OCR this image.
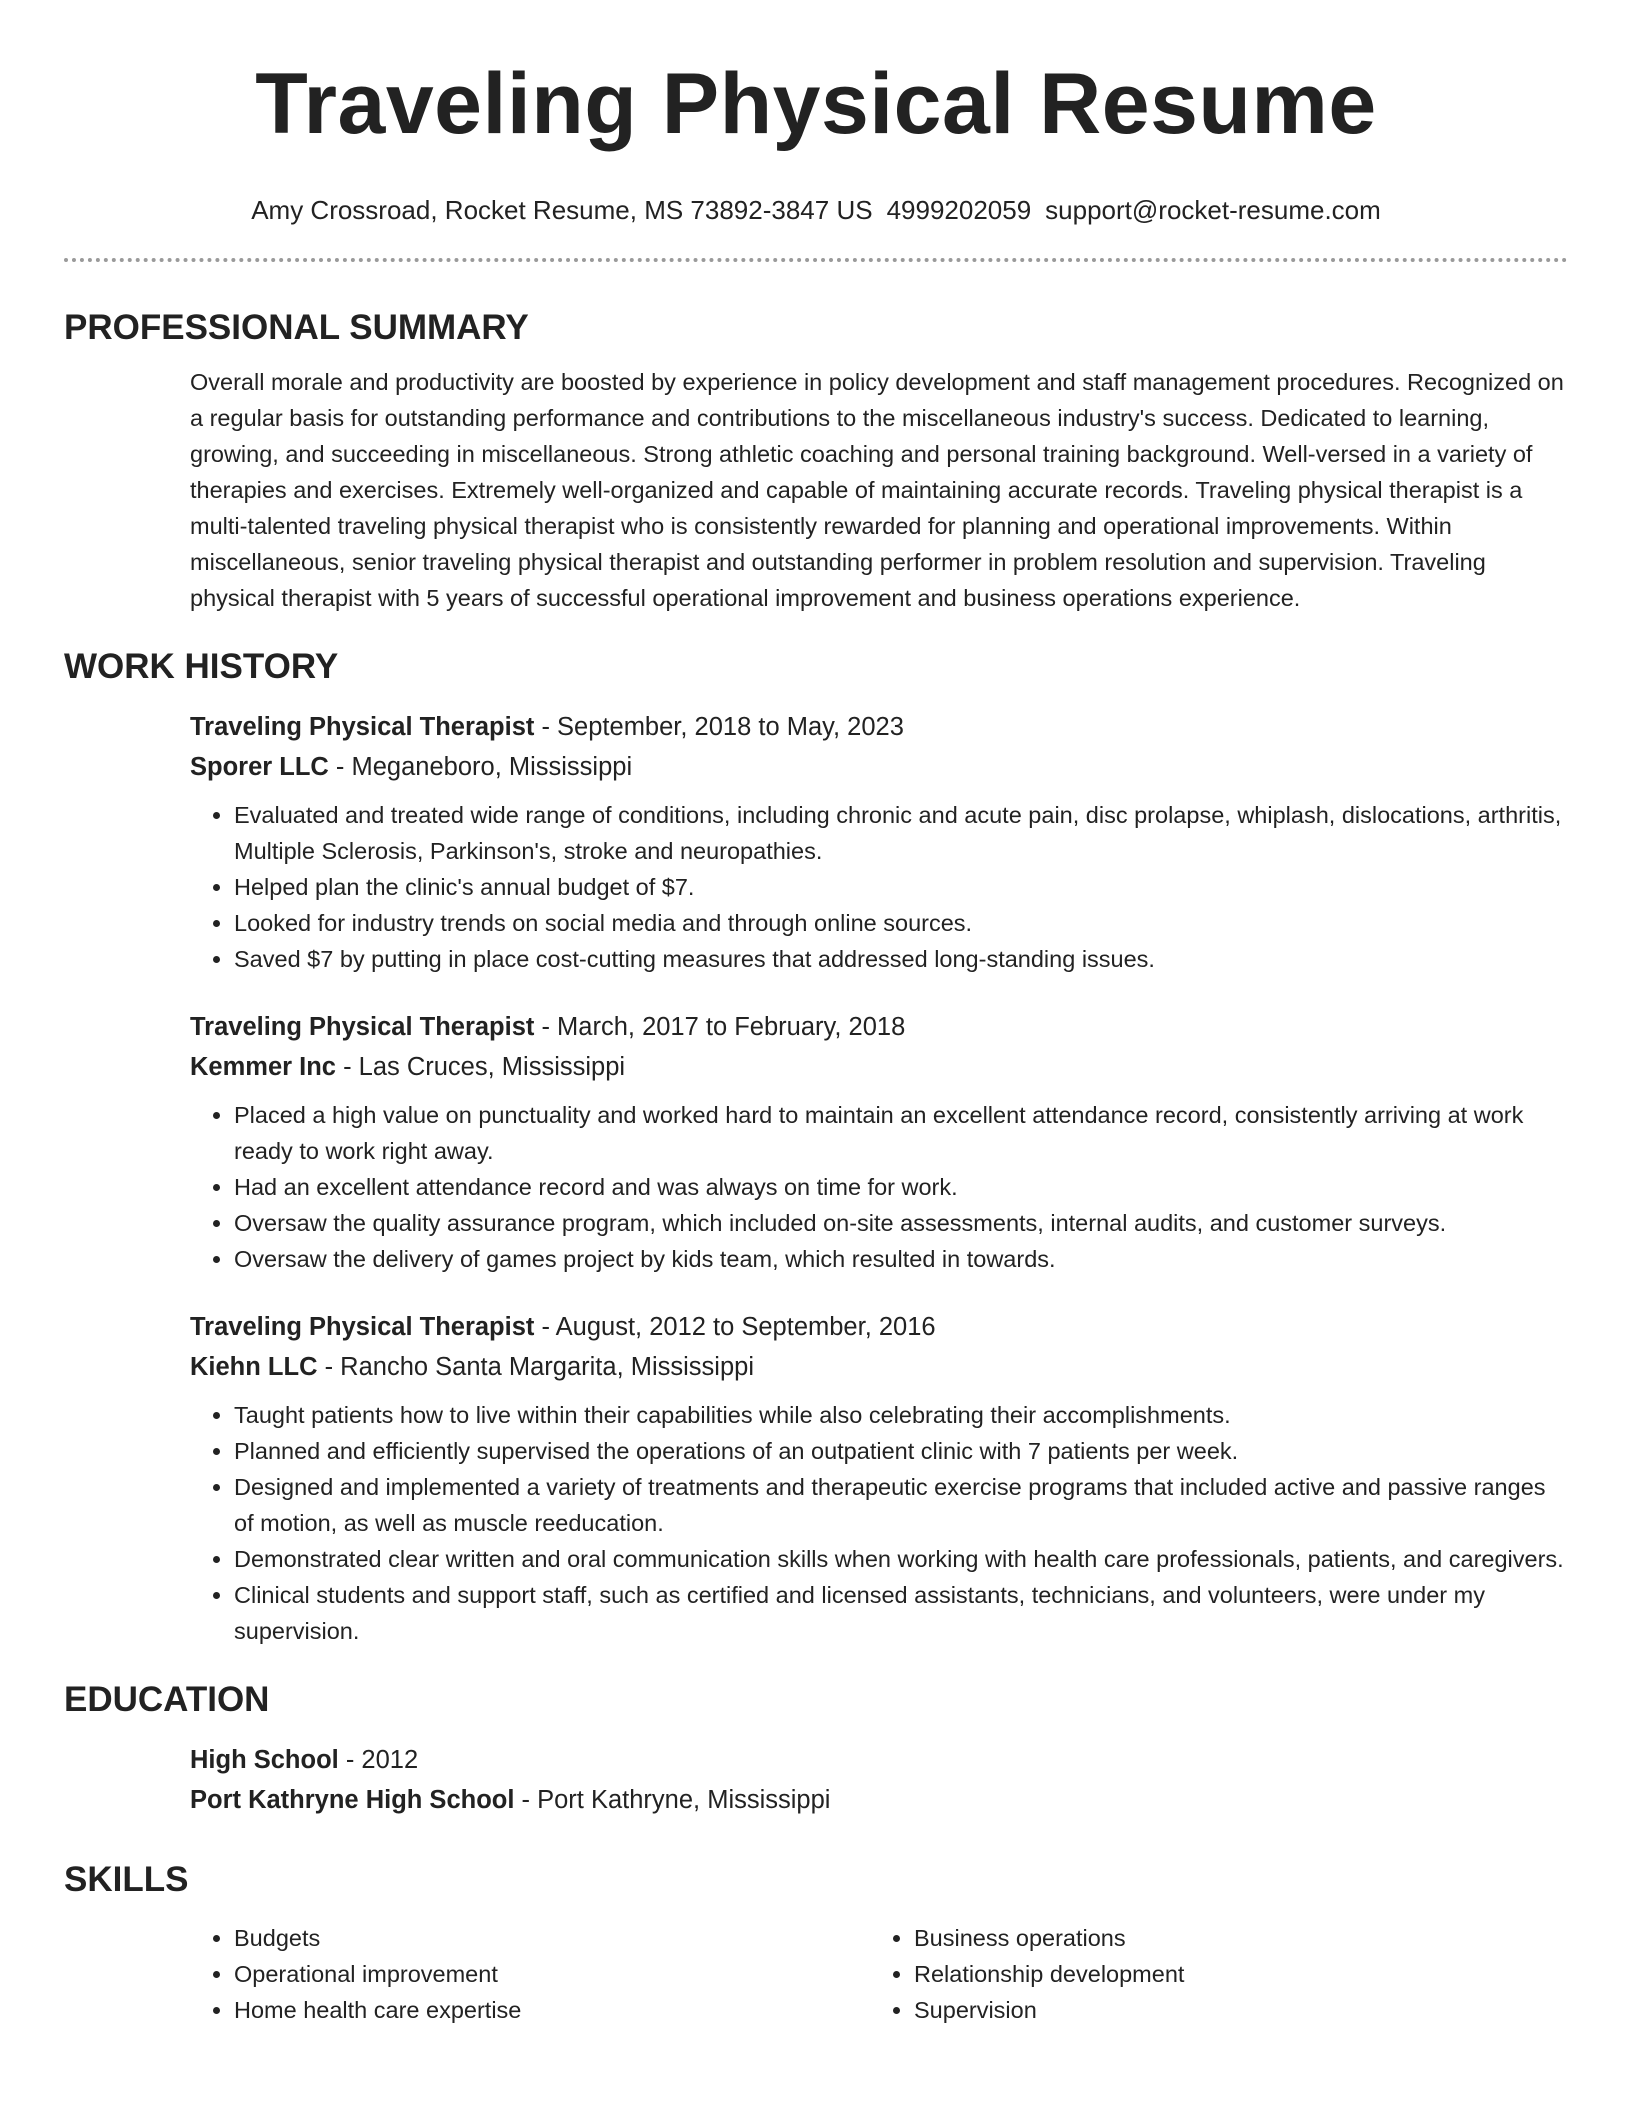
Traveling Physical Resume
Amy Crossroad, Rocket Resume, MS 73892-3847 US 4999202059 support@rocket-resume.com
PROFESSIONAL SUMMARY

Overall morale and productivity are boosted by experience in policy development and staff management procedures. Recognized on a regular basis for outstanding performance and contributions to the miscellaneous industry's success. Dedicated to learning, growing, and succeeding in miscellaneous. Strong athletic coaching and personal training background. Well-versed in a variety of therapies and exercises. Extremely well-organized and capable of maintaining accurate records. Traveling physical therapist is a multi-talented traveling physical therapist who is consistently rewarded for planning and operational improvements. Within miscellaneous, senior traveling physical therapist and outstanding performer in problem resolution and supervision. Traveling physical therapist with 5 years of successful operational improvement and business operations experience.

WORK HISTORY
Traveling Physical Therapist - September, 2018 to May, 2023
Sporer LLC - Meganeboro, Mississippi
• Evaluated and treated wide range of conditions, including chronic and acute pain, disc prolapse, whiplash, dislocations, arthritis, Multiple Sclerosis, Parkinson's, stroke and neuropathies.
• Helped plan the clinic's annual budget of $7.
• Looked for industry trends on social media and through online sources.
• Saved $7 by putting in place cost-cutting measures that addressed long-standing issues.
Traveling Physical Therapist - March, 2017 to February, 2018
Kemmer Inc - Las Cruces, Mississippi
• Placed a high value on punctuality and worked hard to maintain an excellent attendance record, consistently arriving at work ready to work right away.
• Had an excellent attendance record and was always on time for work.
• Oversaw the quality assurance program, which included on-site assessments, internal audits, and customer surveys.
• Oversaw the delivery of games project by kids team, which resulted in towards.
Traveling Physical Therapist - August, 2012 to September, 2016
Kiehn LLC - Rancho Santa Margarita, Mississippi
• Taught patients how to live within their capabilities while also celebrating their accomplishments.
• Planned and efficiently supervised the operations of an outpatient clinic with 7 patients per week.
• Designed and implemented a variety of treatments and therapeutic exercise programs that included active and passive ranges of motion, as well as muscle reeducation.
• Demonstrated clear written and oral communication skills when working with health care professionals, patients, and caregivers.
• Clinical students and support staff, such as certified and licensed assistants, technicians, and volunteers, were under my supervision.
EDUCATION
High School - 2012
Port Kathryne High School - Port Kathryne, Mississippi
SKILLS
• Budgets
• Operational improvement
• Home health care expertise
• Business operations
• Relationship development
• Supervision
